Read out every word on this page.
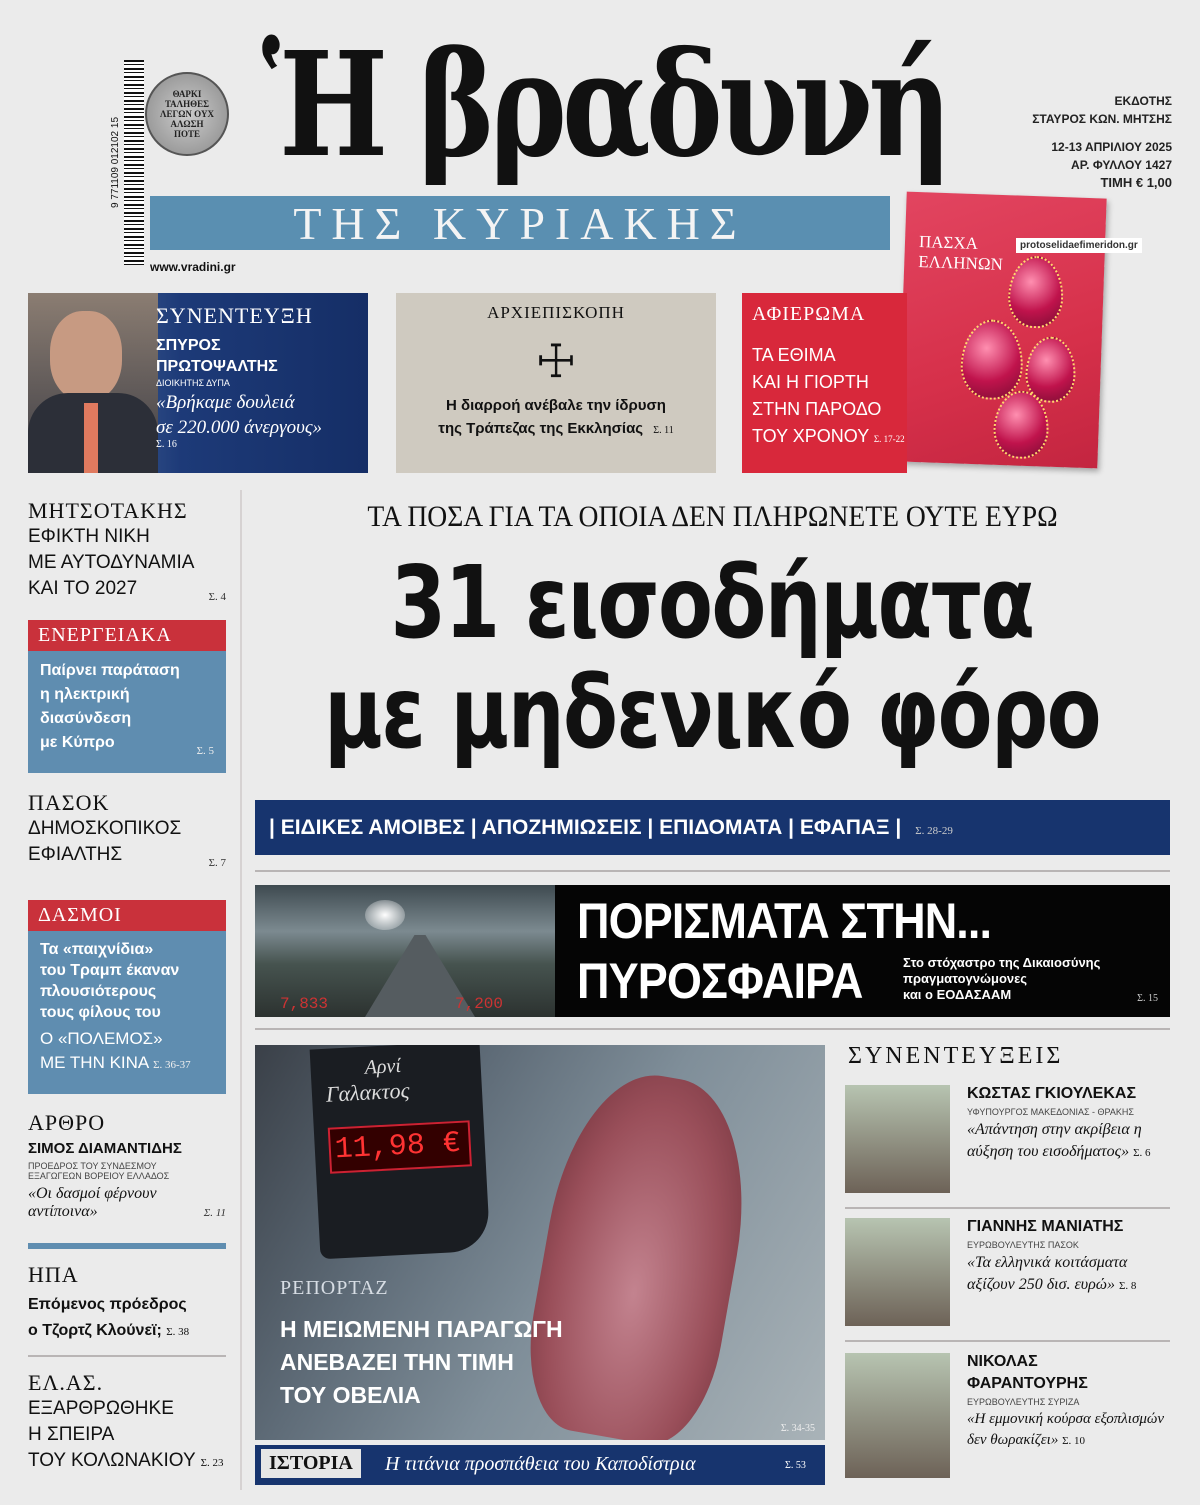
9 771109 012102 15
ΘΑΡΚΙ ΤΑΛΗΘΕΣ ΛΕΓΩΝ ΟΥΧ ΑΛΩΣΗ ΠΟΤΕ Ἡ βραδυνή
ΤΗΣ ΚΥΡΙΑΚΗΣ
www.vradini.gr
ΕΚΔΟΤΗΣ
ΣΤΑΥΡΟΣ ΚΩΝ. ΜΗΤΣΗΣ
12-13 ΑΠΡΙΛΙΟΥ 2025
ΑΡ. ΦΥΛΛΟΥ 1427
ΤΙΜΗ € 1,00
ΠΑΣΧΑ ΕΛΛΗΝΩΝ
protoselidaefimeridon.gr
ΣΥΝΕΝΤΕΥΞΗ
ΣΠΥΡΟΣ
ΠΡΩΤΟΨΑΛΤΗΣ
ΔΙΟΙΚΗΤΗΣ ΔΥΠΑ
«Βρήκαμε δουλειά
σε 220.000 άνεργους»
Σ. 16
ΑΡΧΙΕΠΙΣΚΟΠΗ
☩
Η διαρροή ανέβαλε την ίδρυση
της Τράπεζας της Εκκλησίας Σ. 11
ΑΦΙΕΡΩΜΑ
ΤΑ ΕΘΙΜΑ
ΚΑΙ Η ΓΙΟΡΤΗ
ΣΤΗΝ ΠΑΡΟΔΟ
ΤΟΥ ΧΡΟΝΟΥ Σ. 17-22
ΜΗΤΣΟΤΑΚΗΣ
ΕΦΙΚΤΗ ΝΙΚΗ
ΜΕ ΑΥΤΟΔΥΝΑΜΙΑ
ΚΑΙ ΤΟ 2027	Σ. 4
ΕΝΕΡΓΕΙΑΚΑ
Παίρνει παράταση
η ηλεκτρική
διασύνδεση
με Κύπρο	Σ. 5
ΠΑΣΟΚ
ΔΗΜΟΣΚΟΠΙΚΟΣ
ΕΦΙΑΛΤΗΣ	Σ. 7
ΔΑΣΜΟΙ
Τα «παιχνίδια»
του Τραμπ έκαναν
πλουσιότερους
τους φίλους του
Ο «ΠΟΛΕΜΟΣ»
ΜΕ ΤΗΝ ΚΙΝΑ Σ. 36-37
ΑΡΘΡΟ
ΣΙΜΟΣ ΔΙΑΜΑΝΤΙΔΗΣ
ΠΡΟΕΔΡΟΣ ΤΟΥ ΣΥΝΔΕΣΜΟΥ
ΕΞΑΓΩΓΕΩΝ ΒΟΡΕΙΟΥ ΕΛΛΑΔΟΣ
«Οι δασμοί φέρνουν
αντίποινα»	Σ. 11
ΗΠΑ
Επόμενος πρόεδρος
ο Τζορτζ Κλούνεϊ; Σ. 38
ΕΛ.ΑΣ.
ΕΞΑΡΘΡΩΘΗΚΕ
Η ΣΠΕΙΡΑ
ΤΟΥ ΚΟΛΩΝΑΚΙΟΥ Σ. 23
ΤΑ ΠΟΣΑ ΓΙΑ ΤΑ ΟΠΟΙΑ ΔΕΝ ΠΛΗΡΩΝΕΤΕ ΟΥΤΕ ΕΥΡΩ
31 εισοδήματα
με μηδενικό φόρο
| ΕΙΔΙΚΕΣ ΑΜΟΙΒΕΣ | ΑΠΟΖΗΜΙΩΣΕΙΣ | ΕΠΙΔΟΜΑΤΑ | ΕΦΑΠΑΞ | Σ. 28-29
7,833	7,200
ΠΟΡΙΣΜΑΤΑ ΣΤΗΝ...
ΠΥΡΟΣΦΑΙΡΑ	Στο στόχαστρο της Δικαιοσύνης
πραγματογνώμονες
και ο ΕΟΔΑΣΑΑΜ	Σ. 15
Αρνί
Γαλακτος
11,98 €
ΡΕΠΟΡΤΑΖ
Η ΜΕΙΩΜΕΝΗ ΠΑΡΑΓΩΓΗ
ΑΝΕΒΑΖΕΙ ΤΗΝ ΤΙΜΗ
ΤΟΥ ΟΒΕΛΙΑ
Σ. 34-35
ΙΣΤΟΡΙΑ	Η τιτάνια προσπάθεια του Καποδίστρια	Σ. 53
ΣΥΝΕΝΤΕΥΞΕΙΣ
ΚΩΣΤΑΣ ΓΚΙΟΥΛΕΚΑΣ
ΥΦΥΠΟΥΡΓΟΣ ΜΑΚΕΔΟΝΙΑΣ - ΘΡΑΚΗΣ
«Απάντηση στην ακρίβεια η αύξηση του εισοδήματος» Σ. 6
ΓΙΑΝΝΗΣ ΜΑΝΙΑΤΗΣ
ΕΥΡΩΒΟΥΛΕΥΤΗΣ ΠΑΣΟΚ
«Τα ελληνικά κοιτάσματα αξίζουν 250 δισ. ευρώ» Σ. 8
ΝΙΚΟΛΑΣ
ΦΑΡΑΝΤΟΥΡΗΣ
ΕΥΡΩΒΟΥΛΕΥΤΗΣ ΣΥΡΙΖΑ
«Η εμμονική κούρσα εξοπλισμών δεν θωρακίζει» Σ. 10
